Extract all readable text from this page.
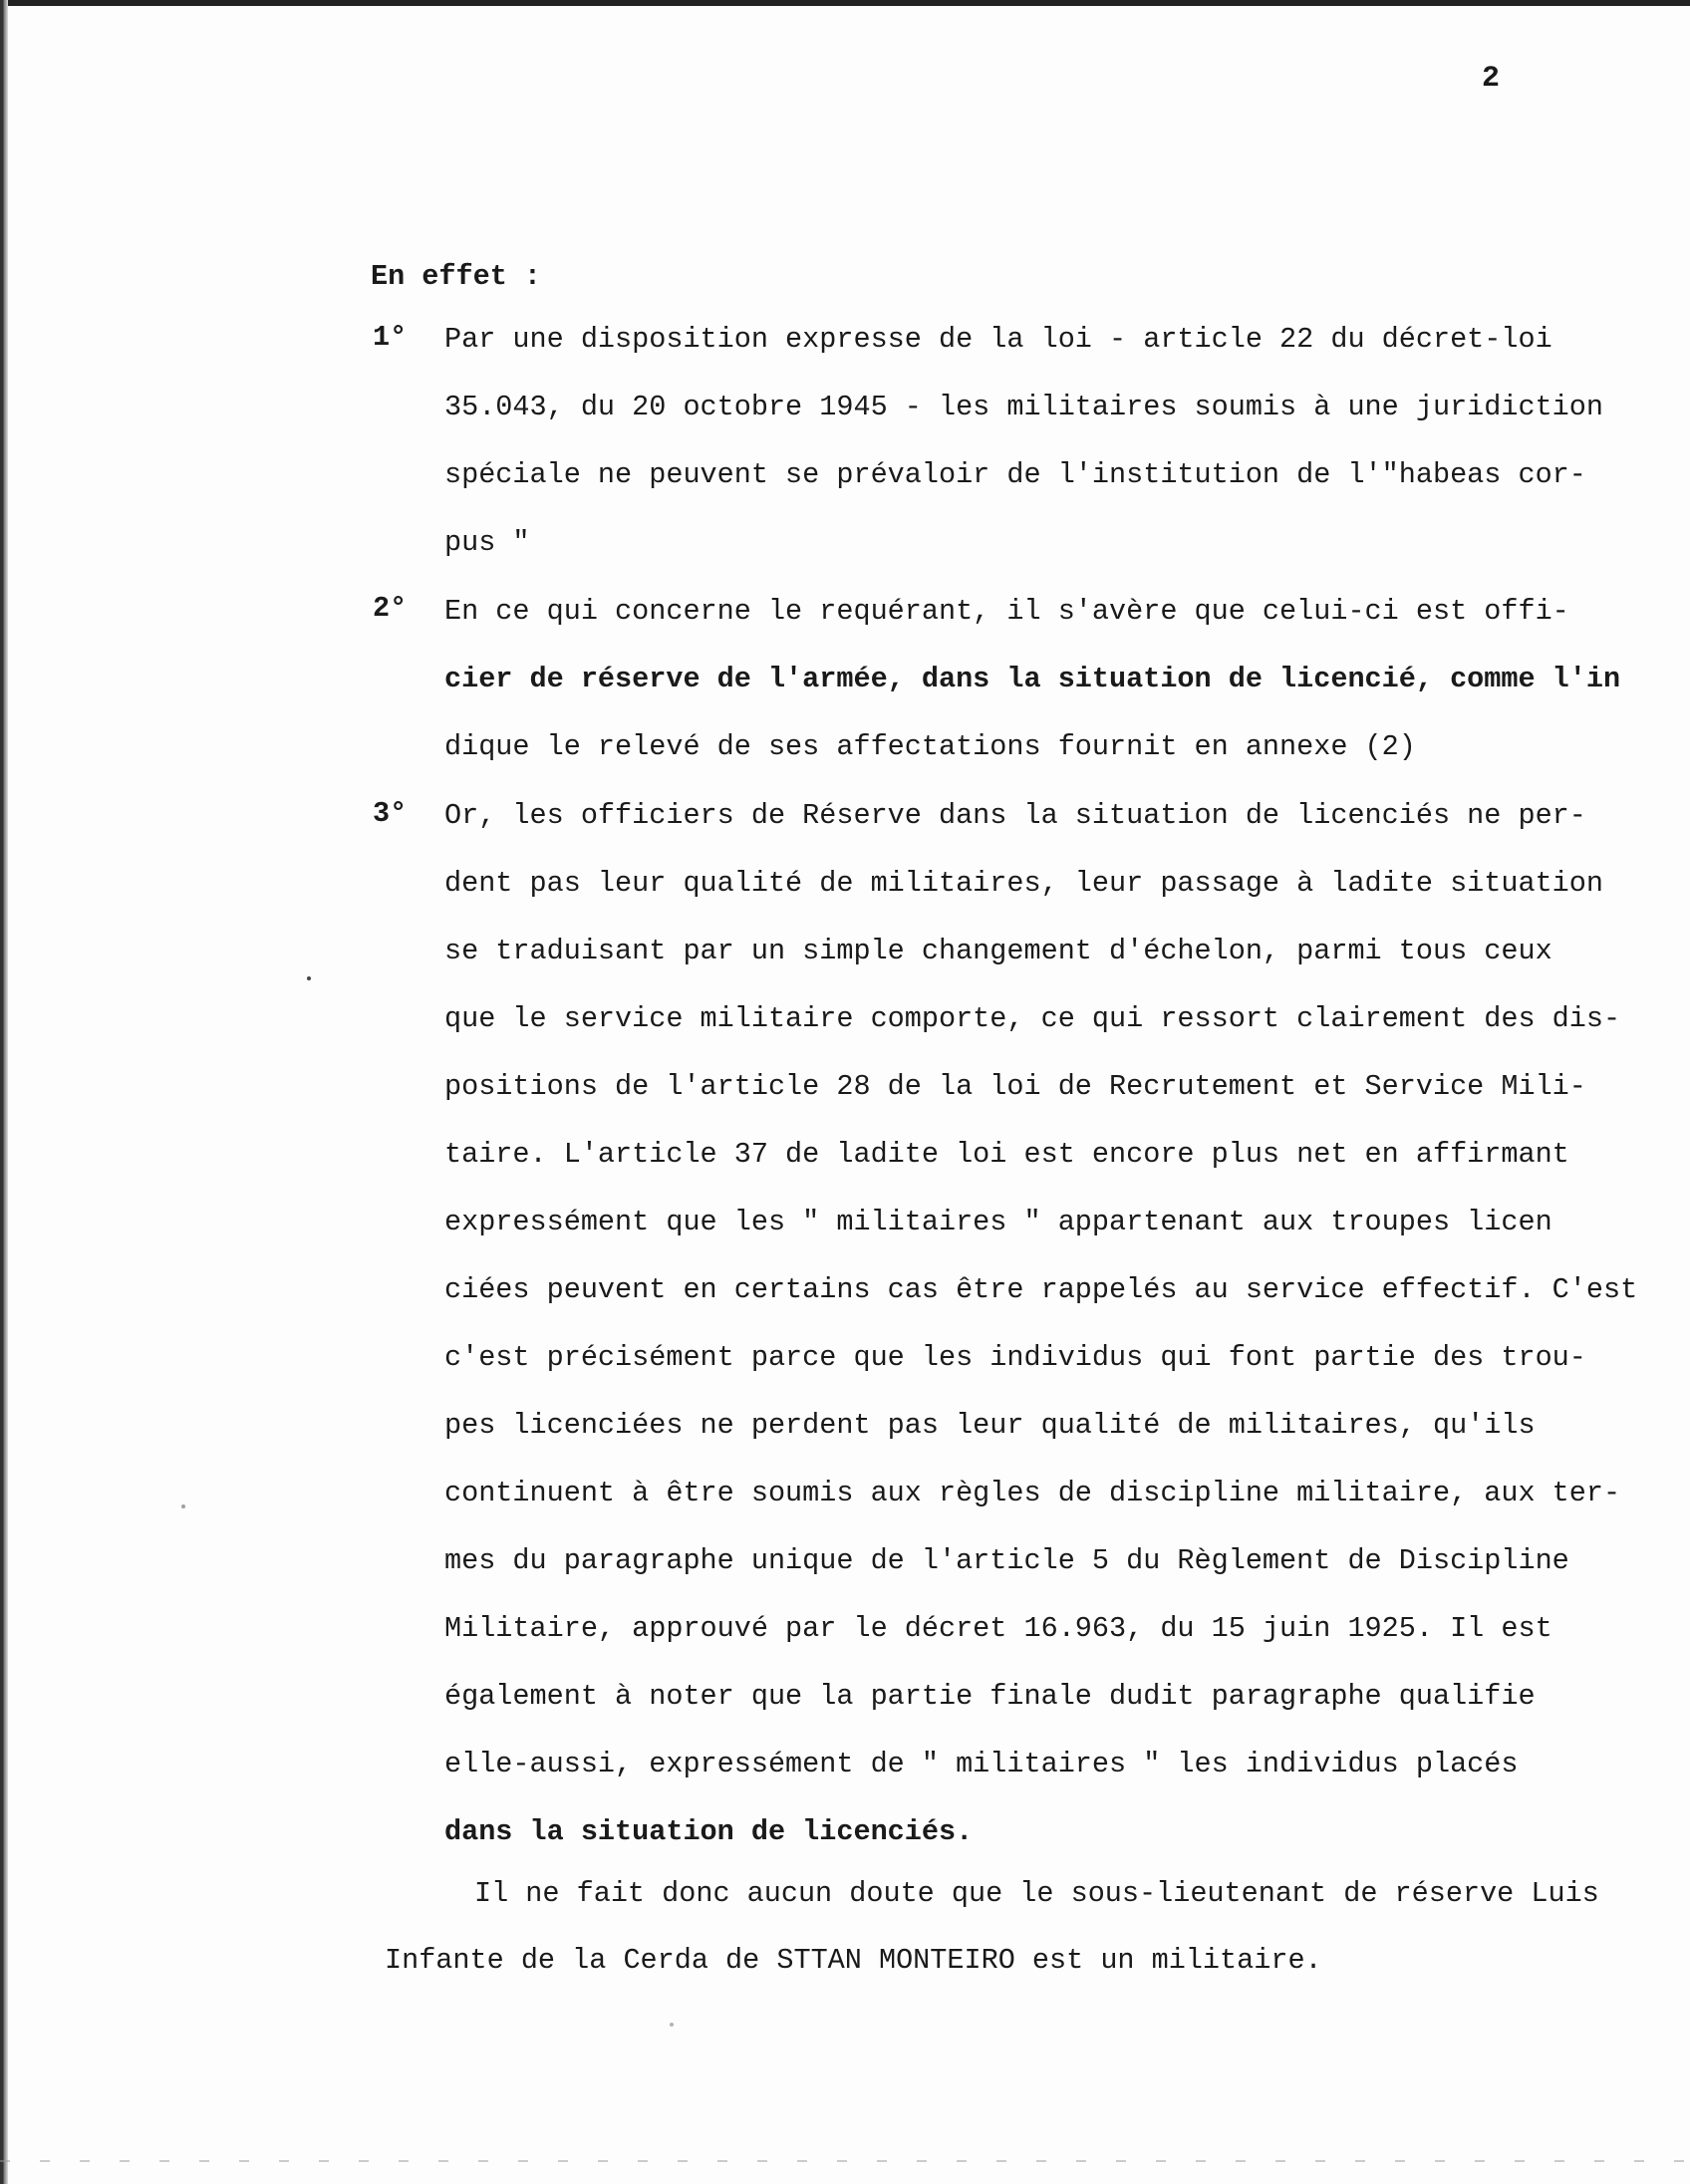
2
En effet :
1° Par une disposition expresse de la loi - article 22 du décret-loi
35.043, du 20 octobre 1945 - les militaires soumis à une juridiction
spéciale ne peuvent se prévaloir de l'institution de l'"habeas cor-
pus "
2° En ce qui concerne le requérant, il s'avère que celui-ci est offi-
cier de réserve de l'armée, dans la situation de licencié, comme l'in
dique le relevé de ses affectations fournit en annexe (2)
3° Or, les officiers de Réserve dans la situation de licenciés ne per-
dent pas leur qualité de militaires, leur passage à ladite situation
se traduisant par un simple changement d'échelon, parmi tous ceux
que le service militaire comporte, ce qui ressort clairement des dis-
positions de l'article 28 de la loi de Recrutement et Service Mili-
taire. L'article 37 de ladite loi est encore plus net en affirmant
expressément que les " militaires " appartenant aux troupes licen
ciées peuvent en certains cas être rappelés au service effectif. C'est
c'est précisément parce que les individus qui font partie des trou-
pes licenciées ne perdent pas leur qualité de militaires, qu'ils
continuent à être soumis aux règles de discipline militaire, aux ter-
mes du paragraphe unique de l'article 5 du Règlement de Discipline
Militaire, approuvé par le décret 16.963, du 15 juin 1925. Il est
également à noter que la partie finale dudit paragraphe qualifie
elle-aussi, expressément de " militaires " les individus placés
dans la situation de licenciés.
Il ne fait donc aucun doute que le sous-lieutenant de réserve Luis
Infante de la Cerda de STTAN MONTEIRO est un militaire.
